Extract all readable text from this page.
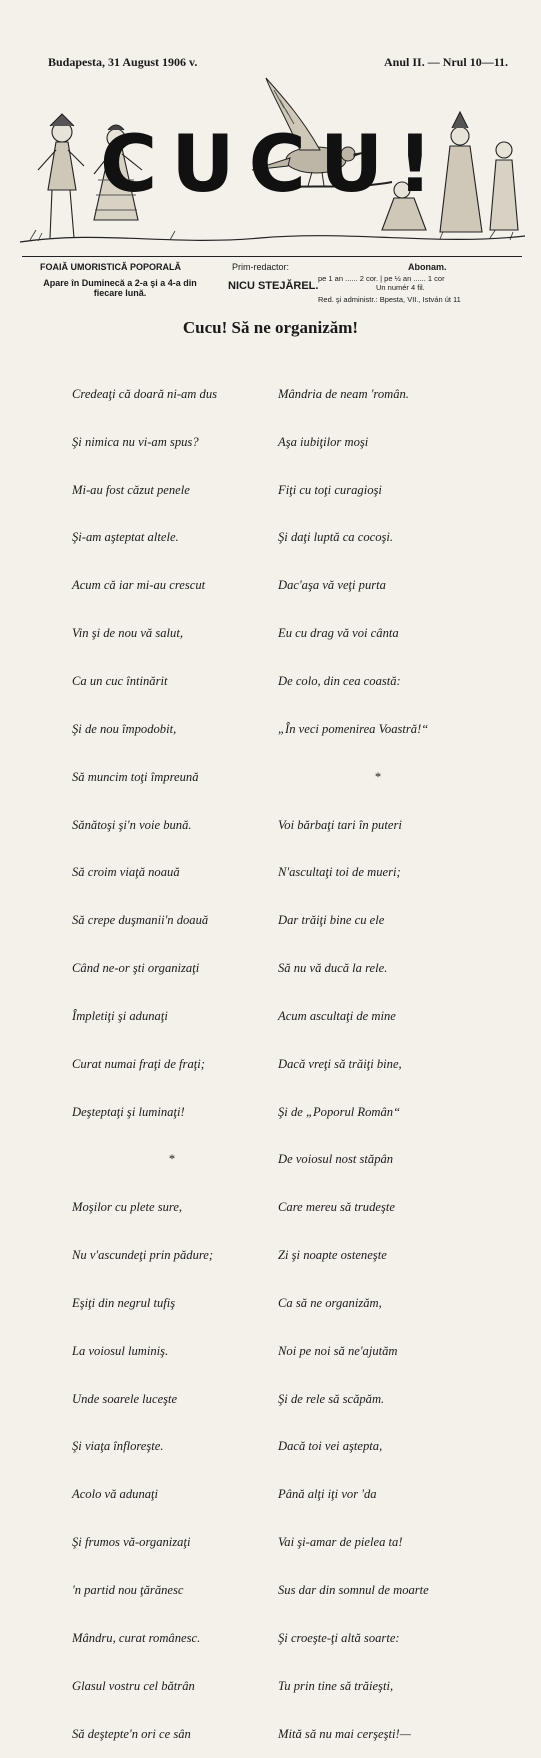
Budapesta, 31 August 1906 v.	Anul II. — Nrul 10—11.
CUCU!
FOAIĂ UMORISTICĂ POPORALĂ
Apare în Duminecă a 2-a şi a 4-a din fiecare lună.
Prim-redactor:
NICU STEJĂREL.
Abonam.
pe 1 an ...... 2 cor. | pe ½ an ...... 1 cor
Un numér 4 fil.
Red. şi administr.: Bpesta, VII., István út 11
Cucu! Să ne organizăm!

Credeaţi că doară ni-am dus

Şi nimica nu vi-am spus?

Mi-au fost căzut penele

Şi-am aşteptat altele.

Acum că iar mi-au crescut

Vin şi de nou vă salut,

Ca un cuc întinărit

Şi de nou împodobit,

Să muncim toţi împreună

Sănătoşi şi'n voie bună.

Să croim viaţă noauă

Să crepe duşmanii'n doauă

Când ne-or şti organizaţi

Împletiţi şi adunaţi

Curat numai fraţi de fraţi;

Deşteptaţi şi luminaţi!

*

Moşilor cu plete sure,

Nu v'ascundeţi prin pădure;

Eşiţi din negrul tufiş

La voiosul luminiş.

Unde soarele luceşte

Şi viaţa înfloreşte.

Acolo vă adunaţi

Şi frumos vă-organizaţi

'n partid nou ţărănesc

Mândru, curat românesc.

Glasul vostru cel bătrân

Să deştepte'n ori ce sân

Mândria de neam 'român.

Aşa iubiţilor moşi

Fiţi cu toţi curagioşi

Şi daţi luptă ca cocoşi.

Dac'aşa vă veţi purta

Eu cu drag vă voi cânta

De colo, din cea coastă:

„În veci pomenirea Voastră!“

*

Voi bărbaţi tari în puteri

N'ascultaţi toi de mueri;

Dar trăiţi bine cu ele

Să nu vă ducă la rele.

Acum ascultaţi de mine

Dacă vreţi să trăiţi bine,

Şi de „Poporul Român“

De voiosul nost stăpân

Care mereu să trudeşte

Zi şi noapte osteneşte

Ca să ne organizăm,

Noi pe noi să ne'ajutăm

Şi de rele să scăpăm.

Dacă toi vei aştepta,

Până alţi iţi vor 'da

Vai şi-amar de pielea ta!

Sus dar din somnul de moarte

Şi croeşte-ţi altă soarte:

Tu prin tine să trăieşti,

Mită să nu mai cerşeşti!—
